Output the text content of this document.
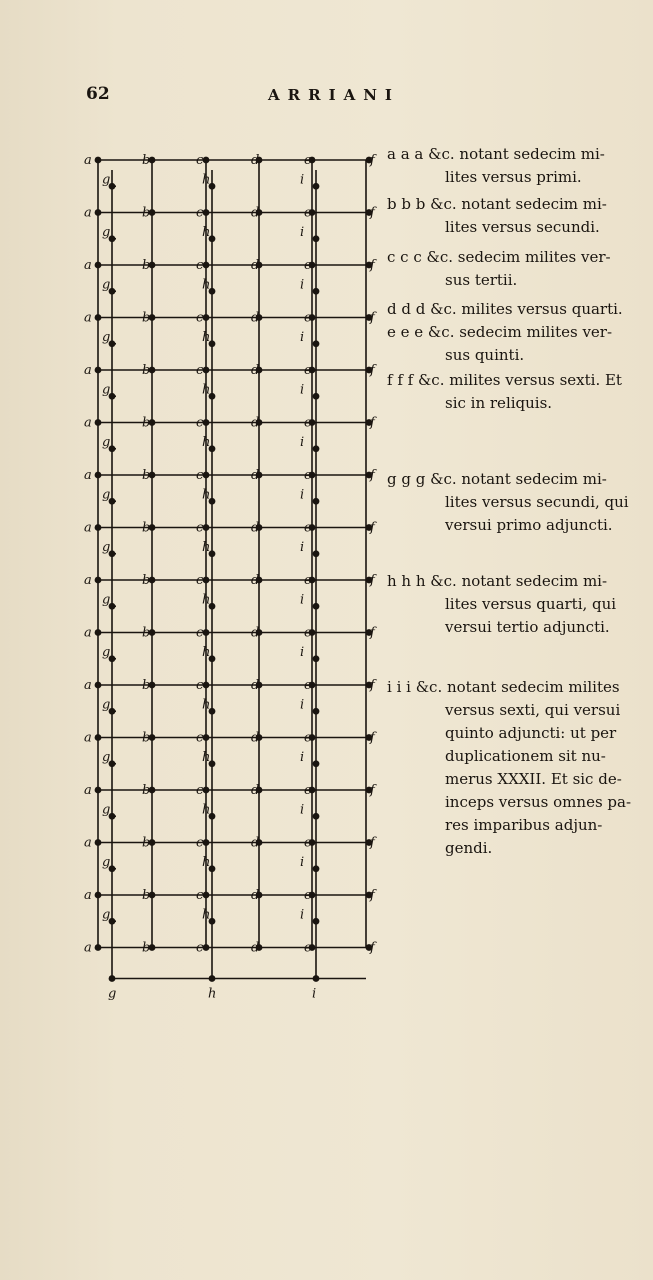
62	ARRIANI
a	b	c	d	e	f
g	h	i
a	b	c	d	e	f
g	h	i
a	b	c	d	e	f
g	h	i
a	b	c	d	e	f
g	h	i
a	b	c	d	e	f
g	h	i
a	b	c	d	e	f
g	h	i
a	b	c	d	e	f
g	h	i
a	b	c	d	e	f
g	h	i
a	b	c	d	e	f
g	h	i
a	b	c	d	e	f
g	h	i
a	b	c	d	e	f
g	h	i
a	b	c	d	e	f
g	h	i
a	b	c	d	e	f
g	h	i
a	b	c	d	e	f
g	h	i
a	b	c	d	e	f
g	h	i
a	b	c	d	e	f
g	h	i
a a a &c. notant sedecim mi-
lites versus primi.
b b b &c. notant sedecim mi-
lites versus secundi.
c c c &c. sedecim milites ver-
sus tertii.
d d d &c. milites versus quarti.
e e e &c. sedecim milites ver-
sus quinti.
f f f &c. milites versus sexti. Et
sic in reliquis.
g g g &c. notant sedecim mi-
lites versus secundi, qui
versui primo adjuncti.
h h h &c. notant sedecim mi-
lites versus quarti, qui
versui tertio adjuncti.
i i i &c. notant sedecim milites
versus sexti, qui versui
quinto adjuncti: ut per
duplicationem sit nu-
merus XXXII. Et sic de-
inceps versus omnes pa-
res imparibus adjun-
gendi.
